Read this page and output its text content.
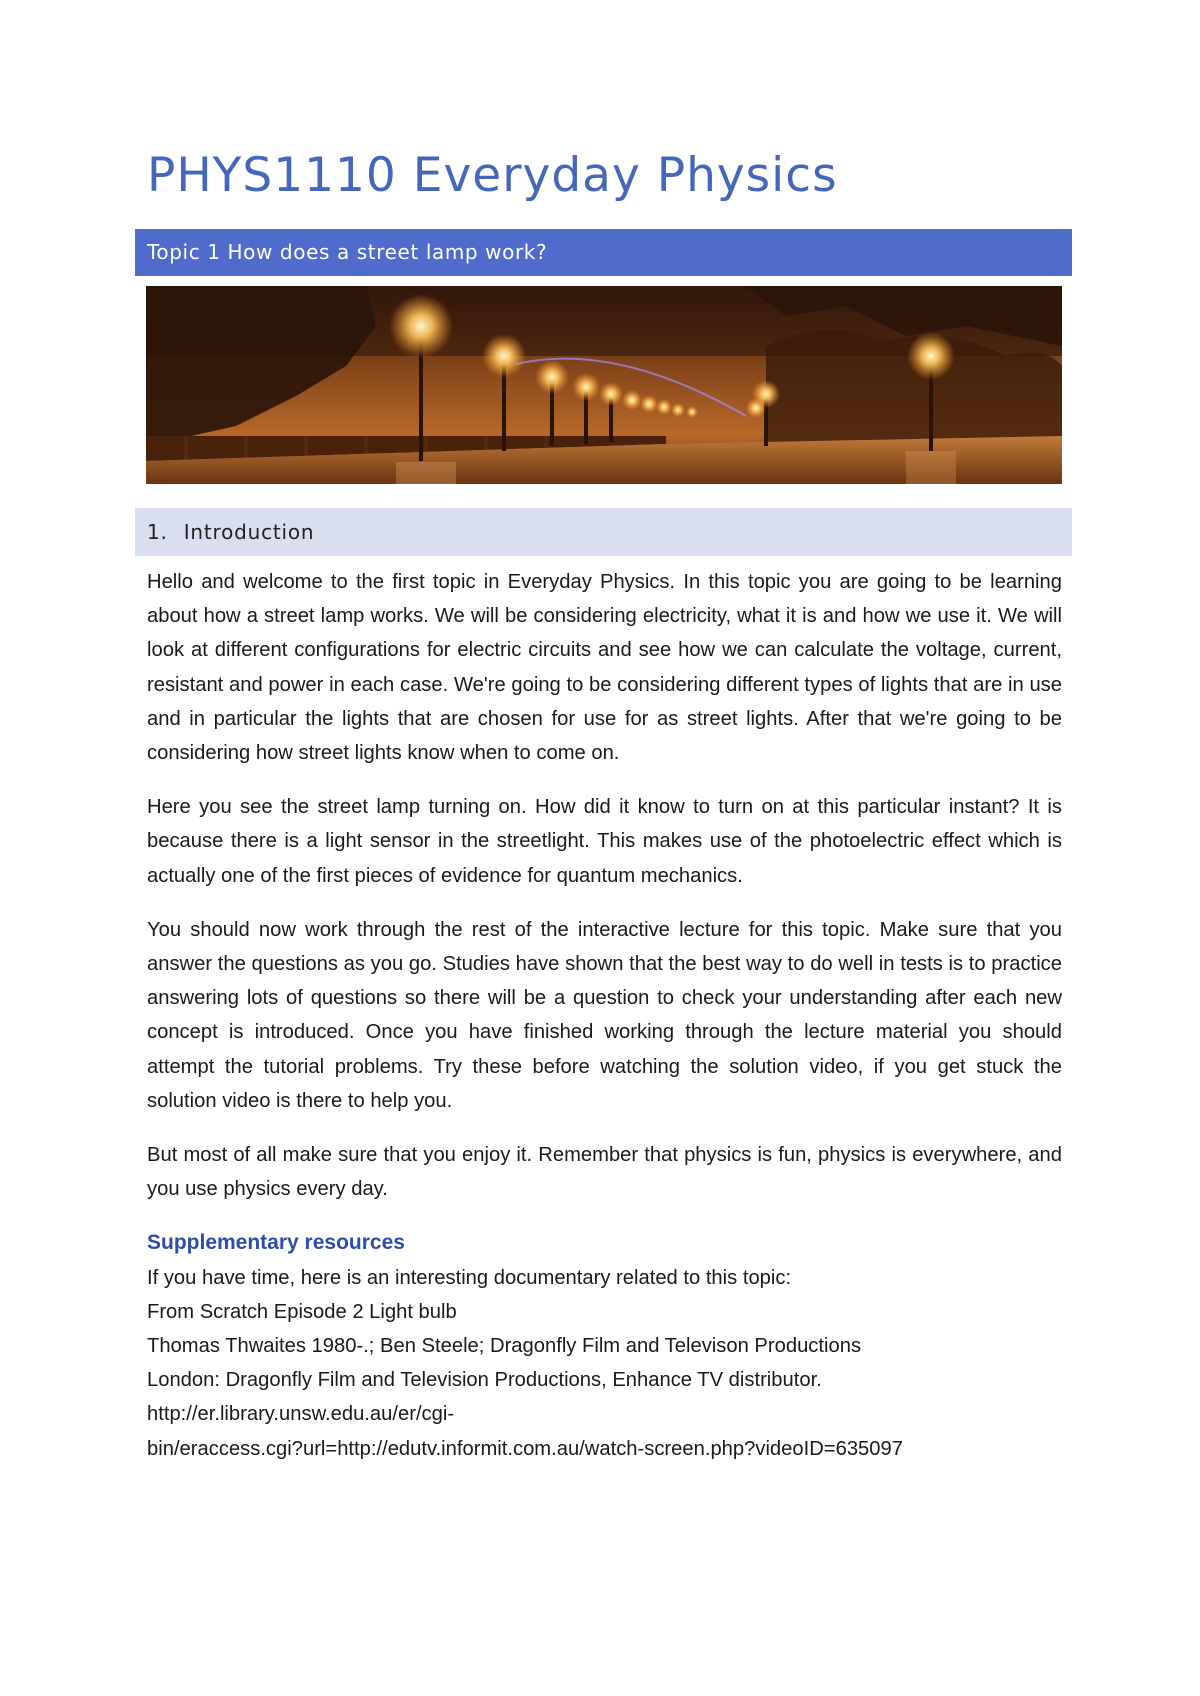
PHYS1110 Everyday Physics
Topic 1 How does a street lamp work?
1. Introduction

Hello and welcome to the first topic in Everyday Physics. In this topic you are going to be learning about how a street lamp works. We will be considering electricity, what it is and how we use it. We will look at different configurations for electric circuits and see how we can calculate the voltage, current, resistant and power in each case. We're going to be considering different types of lights that are in use and in particular the lights that are chosen for use for as street lights. After that we're going to be considering how street lights know when to come on.

Here you see the street lamp turning on. How did it know to turn on at this particular instant? It is because there is a light sensor in the streetlight. This makes use of the photoelectric effect which is actually one of the first pieces of evidence for quantum mechanics.

You should now work through the rest of the interactive lecture for this topic. Make sure that you answer the questions as you go. Studies have shown that the best way to do well in tests is to practice answering lots of questions so there will be a question to check your understanding after each new concept is introduced. Once you have finished working through the lecture material you should attempt the tutorial problems. Try these before watching the solution video, if you get stuck the solution video is there to help you.

But most of all make sure that you enjoy it. Remember that physics is fun, physics is everywhere, and you use physics every day.

Supplementary resources
If you have time, here is an interesting documentary related to this topic:
From Scratch Episode 2 Light bulb
Thomas Thwaites 1980-.; Ben Steele; Dragonfly Film and Televison Productions
London: Dragonfly Film and Television Productions, Enhance TV distributor.
http://er.library.unsw.edu.au/er/cgi-
bin/eraccess.cgi?url=http://edutv.informit.com.au/watch-screen.php?videoID=635097
